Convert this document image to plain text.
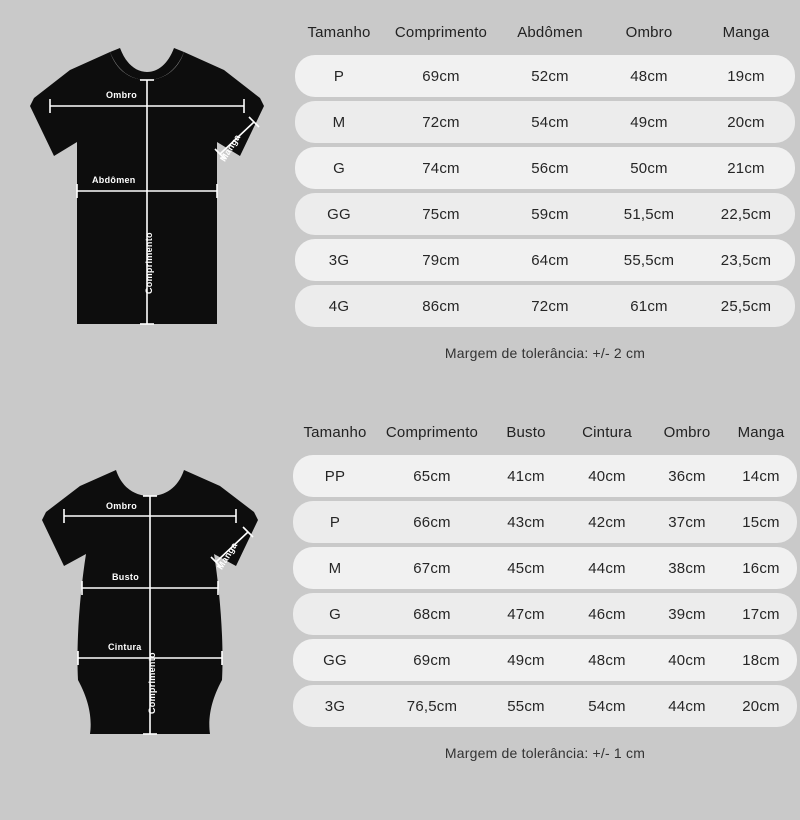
Ombro
Abdômen
Manga
Comprimento
Tamanho	Comprimento	Abdômen	Ombro	Manga
P	69cm	52cm	48cm	19cm
M	72cm	54cm	49cm	20cm
G	74cm	56cm	50cm	21cm
GG	75cm	59cm	51,5cm	22,5cm
3G	79cm	64cm	55,5cm	23,5cm
4G	86cm	72cm	61cm	25,5cm
Margem de tolerância: +/- 2 cm
Ombro
Busto
Cintura
Manga
Comprimento
Tamanho	Comprimento	Busto	Cintura	Ombro	Manga
PP	65cm	41cm	40cm	36cm	14cm
P	66cm	43cm	42cm	37cm	15cm
M	67cm	45cm	44cm	38cm	16cm
G	68cm	47cm	46cm	39cm	17cm
GG	69cm	49cm	48cm	40cm	18cm
3G	76,5cm	55cm	54cm	44cm	20cm
Margem de tolerância: +/- 1 cm
